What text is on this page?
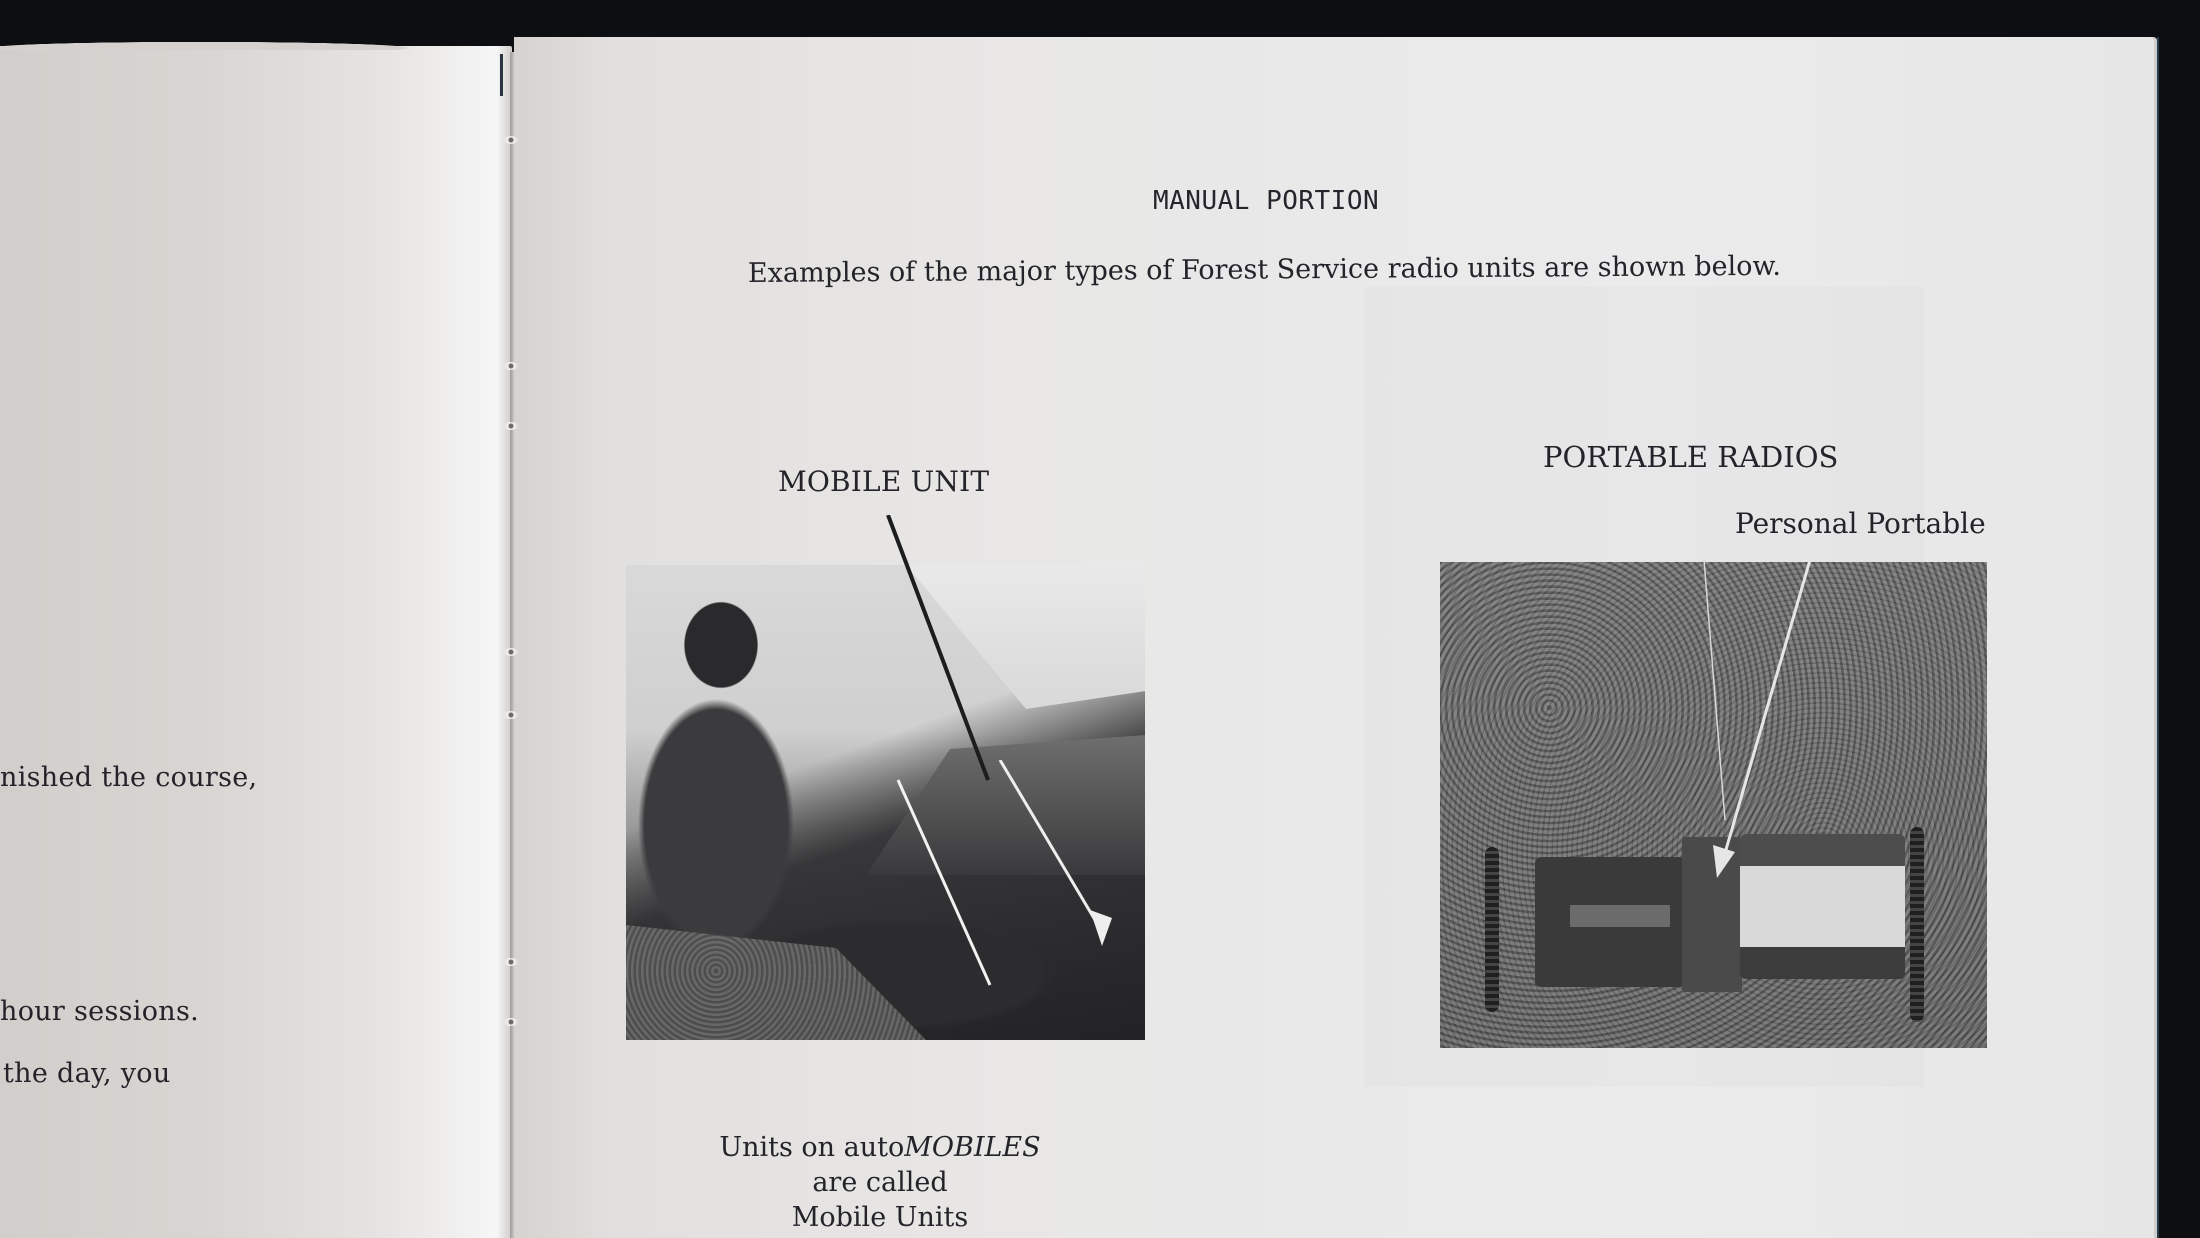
nished the course,
hour sessions.
the day, you
MANUAL PORTION
Examples of the major types of Forest Service radio units are shown below.
MOBILE UNIT
PORTABLE RADIOS
Personal Portable
Units on autoMOBILES
are called
Mobile Units
